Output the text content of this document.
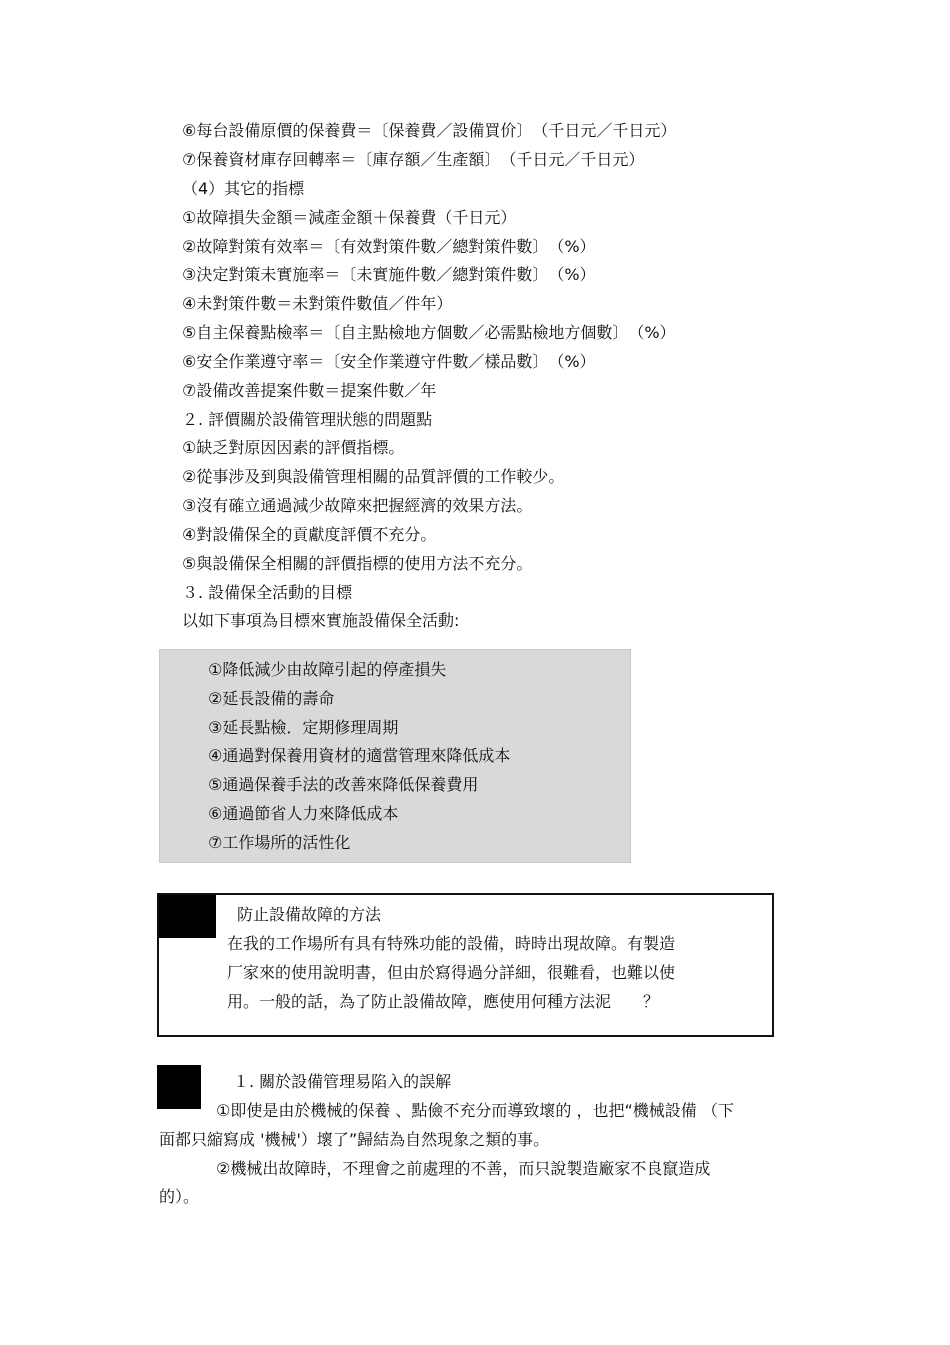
⑥每台設備原價的保養費＝〔保養費／設備買价〕　（千日元／千日元）
⑦保養資材庫存回轉率＝〔庫存額／生產額〕　（千日元／千日元）
（4）其它的指標
①故障損失金額＝減產金額＋保養費（千日元）
②故障對策有效率＝〔有效對策件數／總對策件數〕　（%）
③決定對策未實施率＝〔未實施件數／總對策件數〕　（%）
④未對策件數＝未對策件數值／件年）
⑤自主保養點檢率＝〔自主點檢地方個數／必需點檢地方個數〕　（%）
⑥安全作業遵守率＝〔安全作業遵守件數／樣品數〕　（%）
⑦設備改善提案件數＝提案件數／年
２. 評價關於設備管理狀態的問題點
①缺乏對原因因素的評價指標。
②從事涉及到與設備管理相關的品質評價的工作較少。
③沒有確立通過減少故障來把握經濟的效果方法。
④對設備保全的貢獻度評價不充分。
⑤與設備保全相關的評價指標的使用方法不充分。
３. 設備保全活動的目標
以如下事項為目標來實施設備保全活動:
①降低減少由故障引起的停產損失
②延長設備的壽命
③延長點檢．定期修理周期
④通過對保養用資材的適當管理來降低成本
⑤通過保養手法的改善來降低保養費用
⑥通過節省人力來降低成本
⑦工作場所的活性化
防止設備故障的方法
在我的工作場所有具有特殊功能的設備，時時出現故障。有製造
厂家來的使用說明書，但由於寫得過分詳細，很難看，也難以使
用。一般的話，為了防止設備故障，應使用何種方法泥　　？
１. 關於設備管理易陷入的誤解
①即使是由於機械的保養 、點儉不充分而導致壞的 ，也把“機械設備 （下
面都只縮寫成 '機械'）壞了”歸結為自然現象之類的事。
②機械出故障時，不理會之前處理的不善，而只說製造廠家不良竄造成
的）。
